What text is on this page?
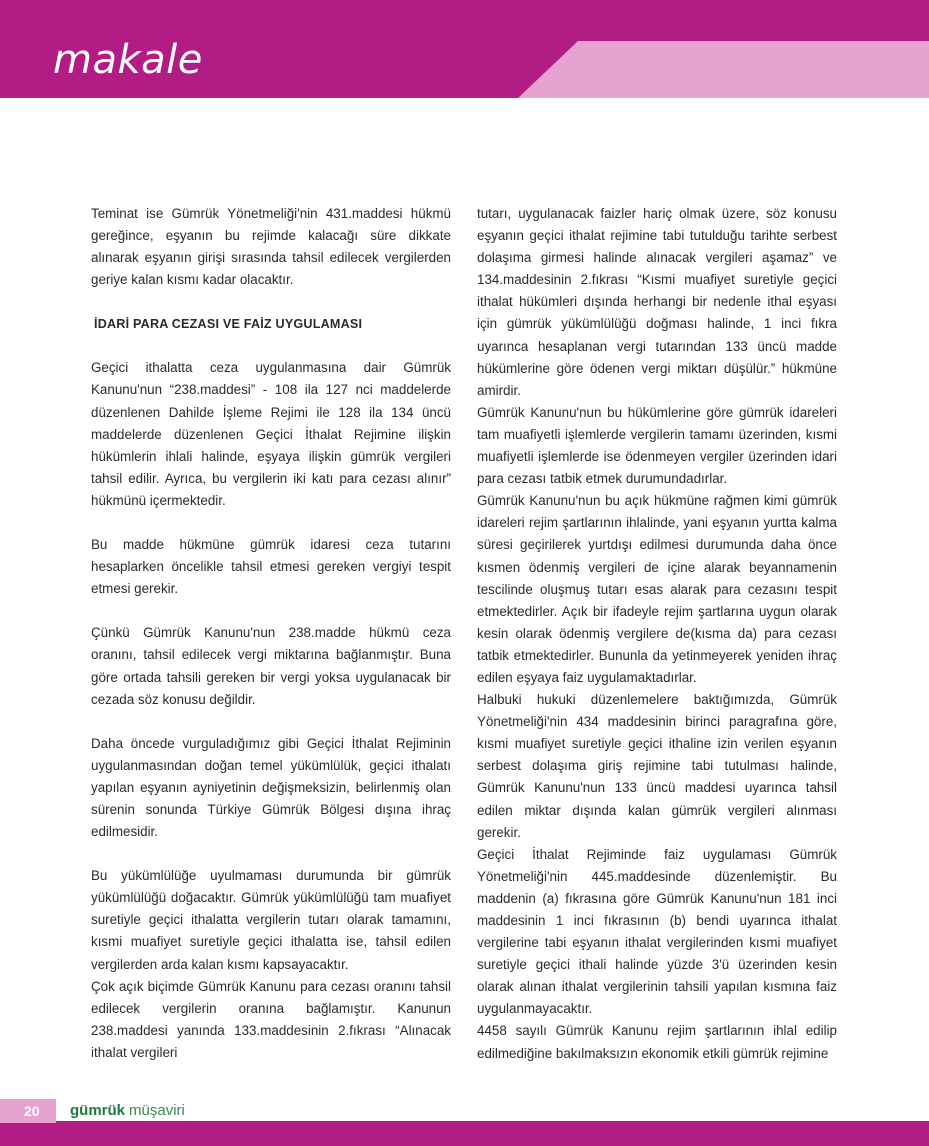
makale

Teminat ise Gümrük Yönetmeliği'nin 431.maddesi hükmü gereğince, eşyanın bu rejimde kalacağı süre dikkate alınarak eşyanın girişi sırasında tahsil edilecek vergilerden geriye kalan kısmı kadar olacaktır.

İDARİ PARA CEZASI VE FAİZ UYGULAMASI

Geçici ithalatta ceza uygulanmasına dair Gümrük Kanunu'nun “238.maddesi” - 108 ila 127 nci maddelerde düzenlenen Dahilde İşleme Rejimi ile 128 ila 134 üncü maddelerde düzenlenen Geçici İthalat Rejimine ilişkin hükümlerin ihlali halinde, eşyaya ilişkin gümrük vergileri tahsil edilir. Ayrıca, bu vergilerin iki katı para cezası alınır” hükmünü içermektedir.

Bu madde hükmüne gümrük idaresi ceza tutarını hesaplarken öncelikle tahsil etmesi gereken vergiyi tespit etmesi gerekir.

Çünkü Gümrük Kanunu'nun 238.madde hükmü ceza oranını, tahsil edilecek vergi miktarına bağlanmıştır. Buna göre ortada tahsili gereken bir vergi yoksa uygulanacak bir cezada söz konusu değildir.

Daha öncede vurguladığımız gibi Geçici İthalat Rejiminin uygulanmasından doğan temel yükümlülük, geçici ithalatı yapılan eşyanın ayniyetinin değişmeksizin, belirlenmiş olan sürenin sonunda Türkiye Gümrük Bölgesi dışına ihraç edilmesidir.

Bu yükümlülüğe uyulmaması durumunda bir gümrük yükümlülüğü doğacaktır. Gümrük yükümlülüğü tam muafiyet suretiyle geçici ithalatta vergilerin tutarı olarak tamamını, kısmi muafiyet suretiyle geçici ithalatta ise, tahsil edilen vergilerden arda kalan kısmı kapsayacaktır.

Çok açık biçimde Gümrük Kanunu para cezası oranını tahsil edilecek vergilerin oranına bağlamıştır. Kanunun 238.maddesi yanında 133.maddesinin 2.fıkrası “Alınacak ithalat vergileri

tutarı, uygulanacak faizler hariç olmak üzere, söz konusu eşyanın geçici ithalat rejimine tabi tutulduğu tarihte serbest dolaşıma girmesi halinde alınacak vergileri aşamaz” ve 134.maddesinin 2.fıkrası “Kısmi muafiyet suretiyle geçici ithalat hükümleri dışında herhangi bir nedenle ithal eşyası için gümrük yükümlülüğü doğması halinde, 1 inci fıkra uyarınca hesaplanan vergi tutarından 133 üncü madde hükümlerine göre ödenen vergi miktarı düşülür.” hükmüne amirdir.

Gümrük Kanunu'nun bu hükümlerine göre gümrük idareleri tam muafiyetli işlemlerde vergilerin tamamı üzerinden, kısmi muafiyetli işlemlerde ise ödenmeyen vergiler üzerinden idari para cezası tatbik etmek durumundadırlar.

Gümrük Kanunu'nun bu açık hükmüne rağmen kimi gümrük idareleri rejim şartlarının ihlalinde, yani eşyanın yurtta kalma süresi geçirilerek yurtdışı edilmesi durumunda daha önce kısmen ödenmiş vergileri de içine alarak beyannamenin tescilinde oluşmuş tutarı esas alarak para cezasını tespit etmektedirler. Açık bir ifadeyle rejim şartlarına uygun olarak kesin olarak ödenmiş vergilere de(kısma da) para cezası tatbik etmektedirler. Bununla da yetinmeyerek yeniden ihraç edilen eşyaya faiz uygulamaktadırlar.

Halbuki hukuki düzenlemelere baktığımızda, Gümrük Yönetmeliği'nin 434 maddesinin birinci paragrafına göre, kısmi muafiyet suretiyle geçici ithaline izin verilen eşyanın serbest dolaşıma giriş rejimine tabi tutulması halinde, Gümrük Kanunu'nun 133 üncü maddesi uyarınca tahsil edilen miktar dışında kalan gümrük vergileri alınması gerekir.

Geçici İthalat Rejiminde faiz uygulaması Gümrük Yönetmeliği'nin 445.maddesinde düzenlemiştir. Bu maddenin (a) fıkrasına göre Gümrük Kanunu'nun 181 inci maddesinin 1 inci fıkrasının (b) bendi uyarınca ithalat vergilerine tabi eşyanın ithalat vergilerinden kısmi muafiyet suretiyle geçici ithali halinde yüzde 3'ü üzerinden kesin olarak alınan ithalat vergilerinin tahsili yapılan kısmına faiz uygulanmayacaktır.

4458 sayılı Gümrük Kanunu rejim şartlarının ihlal edilip edilmediğine bakılmaksızın ekonomik etkili gümrük rejimine

20 gümrük müşaviri
